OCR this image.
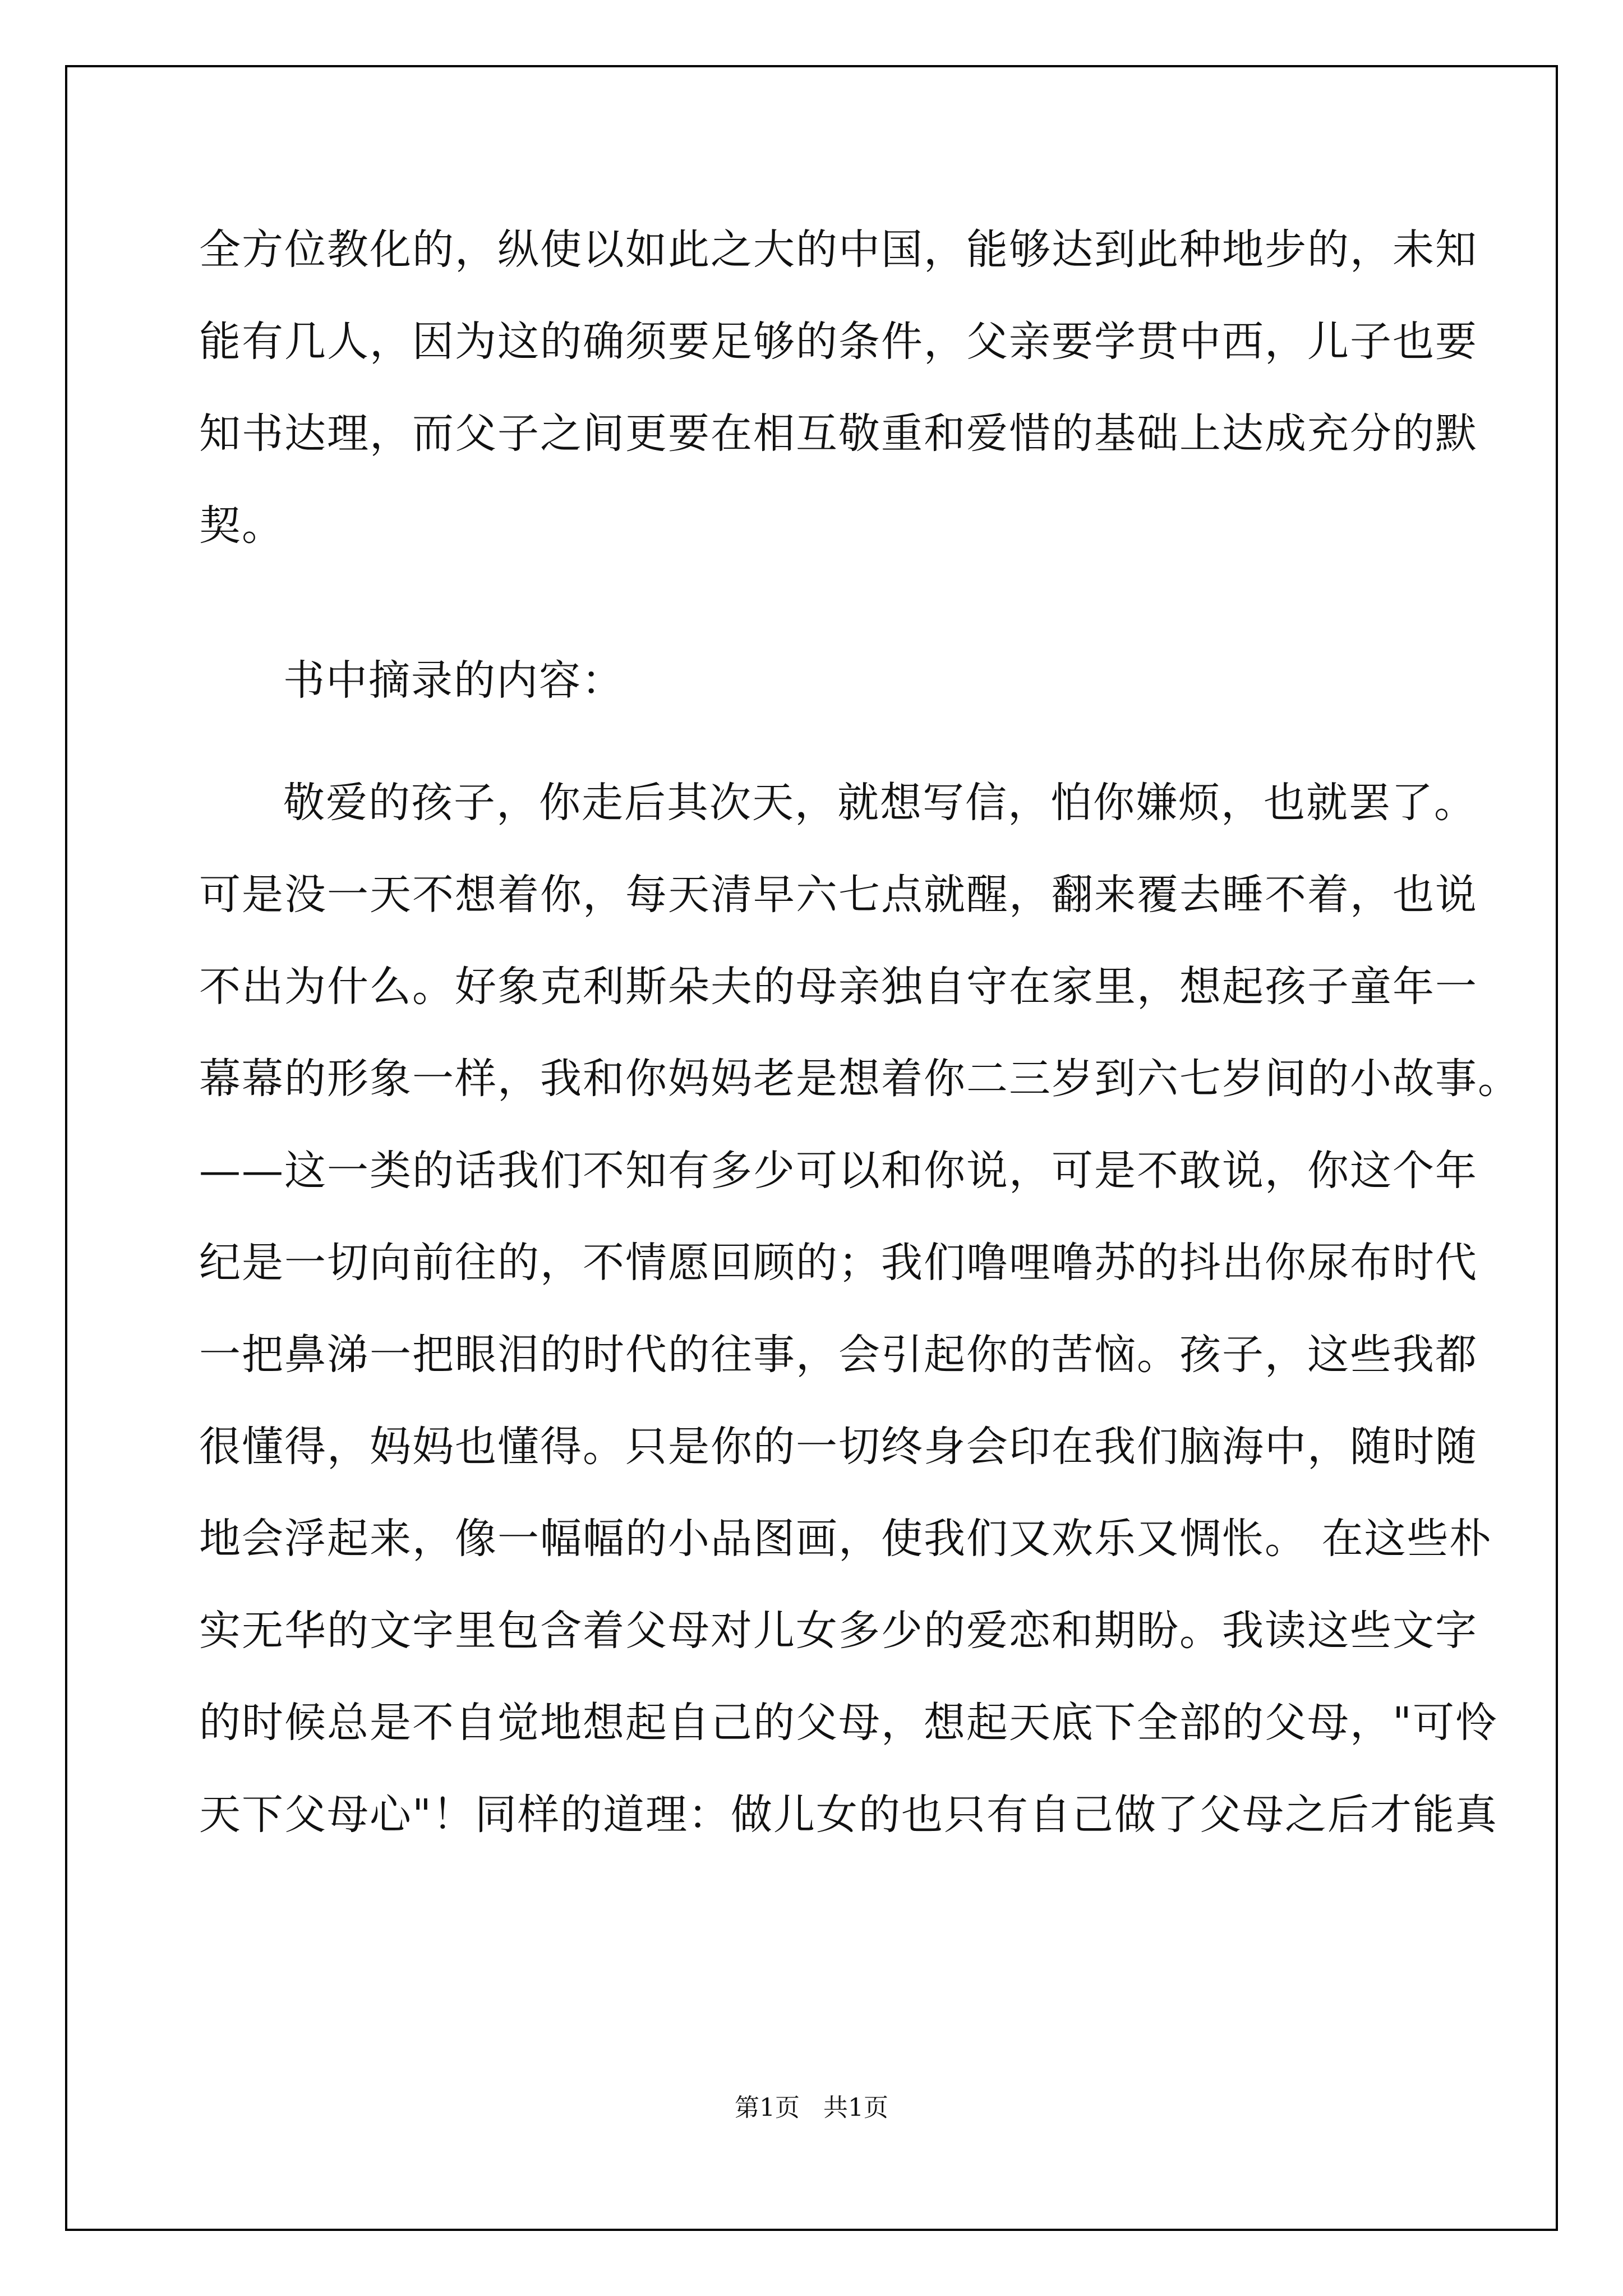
全方位教化的，纵使以如此之大的中国，能够达到此种地步的，未知
能有几人，因为这的确须要足够的条件，父亲要学贯中西，儿子也要
知书达理，而父子之间更要在相互敬重和爱惜的基础上达成充分的默
契。
书中摘录的内容：
敬爱的孩子，你走后其次天，就想写信，怕你嫌烦，也就罢了。
可是没一天不想着你，每天清早六七点就醒，翻来覆去睡不着，也说
不出为什么。好象克利斯朵夫的母亲独自守在家里，想起孩子童年一
幕幕的形象一样，我和你妈妈老是想着你二三岁到六七岁间的小故事。
——这一类的话我们不知有多少可以和你说，可是不敢说，你这个年
纪是一切向前往的，不情愿回顾的；我们噜哩噜苏的抖出你尿布时代
一把鼻涕一把眼泪的时代的往事，会引起你的苦恼。孩子，这些我都
很懂得，妈妈也懂得。只是你的一切终身会印在我们脑海中，随时随
地会浮起来，像一幅幅的小品图画，使我们又欢乐又惆怅。 在这些朴
实无华的文字里包含着父母对儿女多少的爱恋和期盼。我读这些文字
的时候总是不自觉地想起自己的父母，想起天底下全部的父母，"可怜
天下父母心"！同样的道理：做儿女的也只有自己做了父母之后才能真
第1页   共1页
